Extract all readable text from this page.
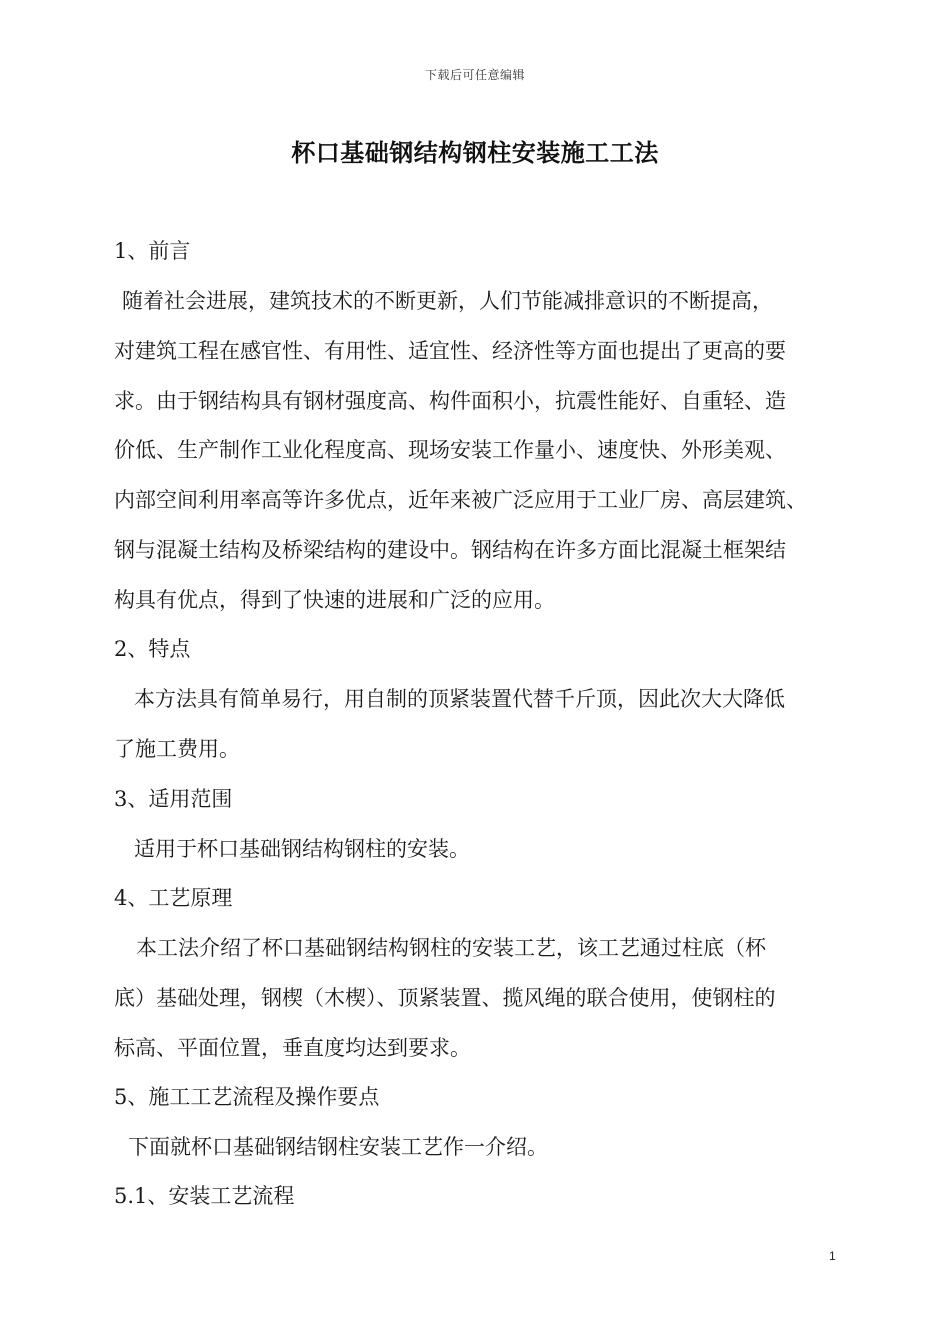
下载后可任意编辑
杯口基础钢结构钢柱安装施工工法
1、前言
随着社会进展，建筑技术的不断更新，人们节能减排意识的不断提高，
对建筑工程在感官性、有用性、适宜性、经济性等方面也提出了更高的要
求。由于钢结构具有钢材强度高、构件面积小，抗震性能好、自重轻、造
价低、生产制作工业化程度高、现场安装工作量小、速度快、外形美观、
内部空间利用率高等许多优点，近年来被广泛应用于工业厂房、高层建筑、
钢与混凝土结构及桥梁结构的建设中。钢结构在许多方面比混凝土框架结
构具有优点，得到了快速的进展和广泛的应用。
2、特点
本方法具有简单易行，用自制的顶紧装置代替千斤顶，因此次大大降低
了施工费用。
3、适用范围
适用于杯口基础钢结构钢柱的安装。
4、工艺原理
本工法介绍了杯口基础钢结构钢柱的安装工艺，该工艺通过柱底（杯
底）基础处理，钢楔（木楔）、顶紧装置、揽风绳的联合使用，使钢柱的
标高、平面位置，垂直度均达到要求。
5、施工工艺流程及操作要点
下面就杯口基础钢结钢柱安装工艺作一介绍。
5.1、安装工艺流程
1
